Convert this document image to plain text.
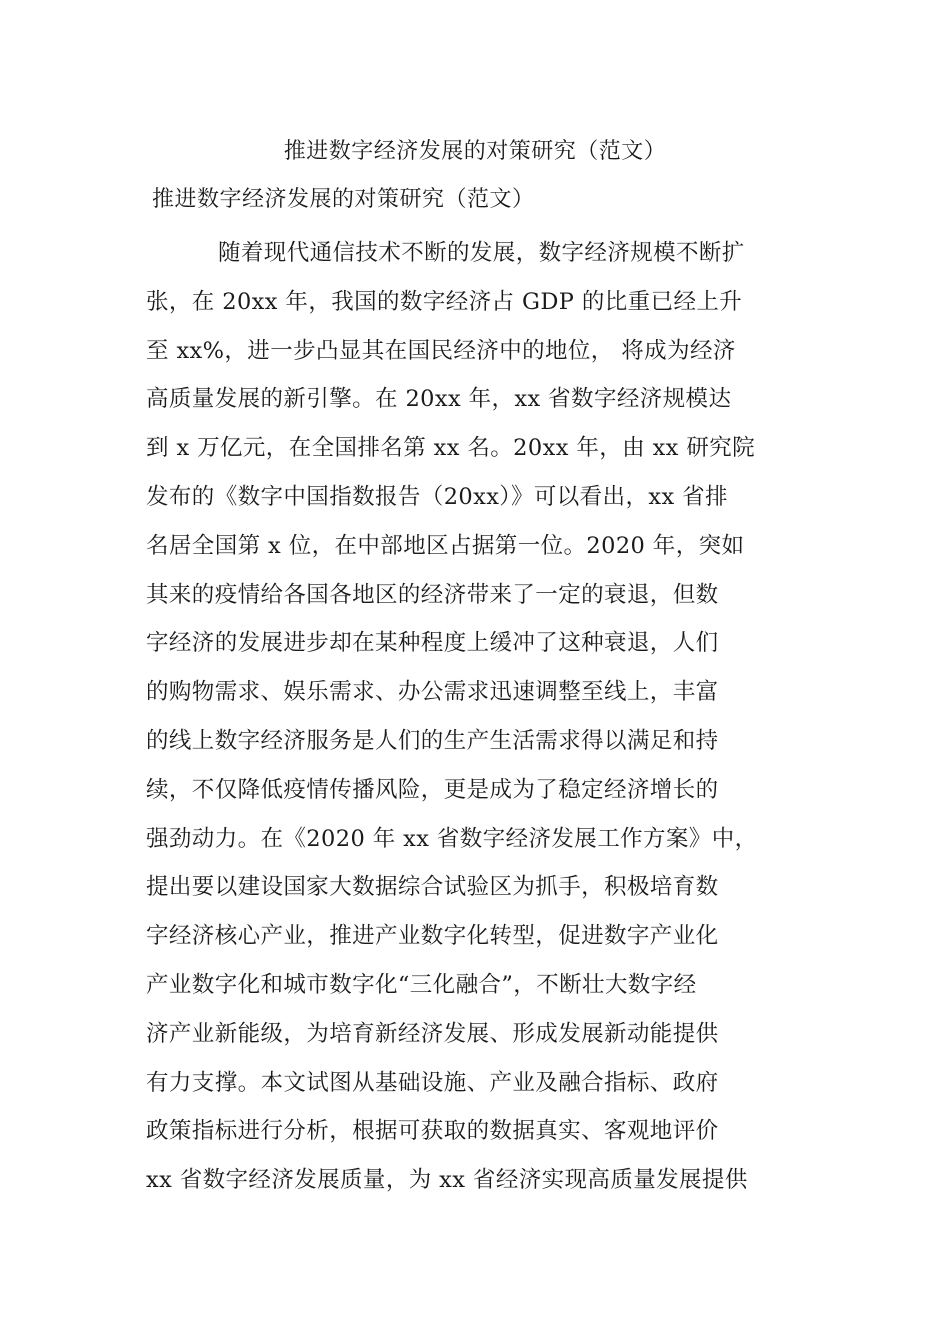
推进数字经济发展的对策研究（范文）
推进数字经济发展的对策研究（范文）
随着现代通信技术不断的发展，数字经济规模不断扩
张，在 20xx 年，我国的数字经济占 GDP 的比重已经上升
至 xx%，进一步凸显其在国民经济中的地位， 将成为经济
高质量发展的新引擎。在 20xx 年，xx 省数字经济规模达
到 x 万亿元，在全国排名第 xx 名。20xx 年，由 xx 研究院
发布的《数字中国指数报告（20xx）》可以看出，xx 省排
名居全国第 x 位，在中部地区占据第一位。2020 年，突如
其来的疫情给各国各地区的经济带来了一定的衰退，但数
字经济的发展进步却在某种程度上缓冲了这种衰退，人们
的购物需求、娱乐需求、办公需求迅速调整至线上，丰富
的线上数字经济服务是人们的生产生活需求得以满足和持
续，不仅降低疫情传播风险，更是成为了稳定经济增长的
强劲动力。在《2020 年 xx 省数字经济发展工作方案》中，
提出要以建设国家大数据综合试验区为抓手，积极培育数
字经济核心产业，推进产业数字化转型，促进数字产业化
产业数字化和城市数字化“三化融合”，不断壮大数字经
济产业新能级，为培育新经济发展、形成发展新动能提供
有力支撑。本文试图从基础设施、产业及融合指标、政府
政策指标进行分析，根据可获取的数据真实、客观地评价
xx 省数字经济发展质量，为 xx 省经济实现高质量发展提供
